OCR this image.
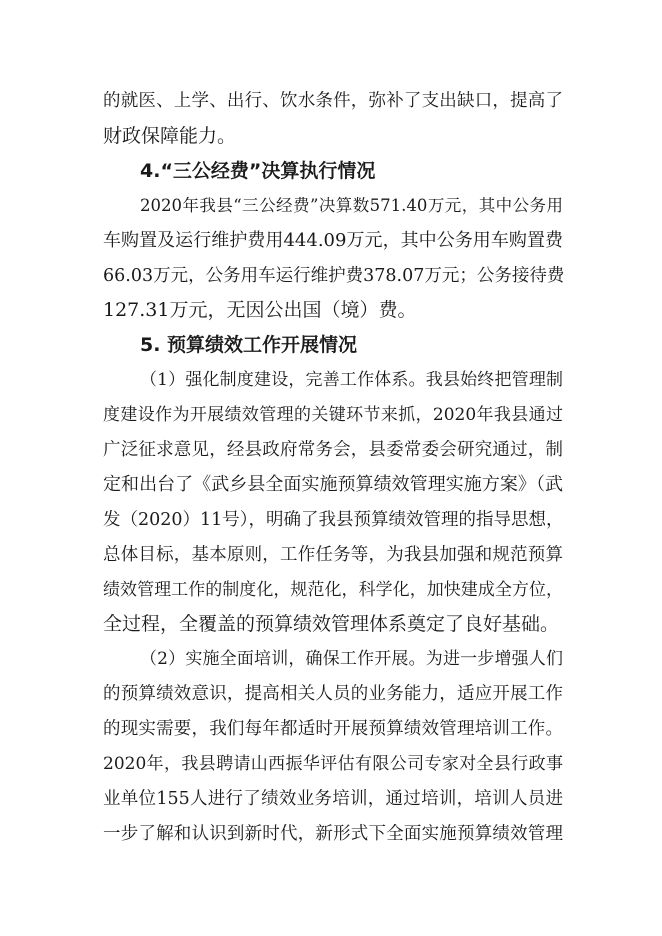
的就医、上学、出行、饮水条件，弥补了支出缺口，提高了
财政保障能力。
4.“三公经费”决算执行情况
2020年我县“三公经费”决算数571.40万元，其中公务用
车购置及运行维护费用444.09万元，其中公务用车购置费
66.03万元，公务用车运行维护费378.07万元；公务接待费
127.31万元，无因公出国（境）费。
5. 预算绩效工作开展情况
（1）强化制度建设，完善工作体系。我县始终把管理制
度建设作为开展绩效管理的关键环节来抓，2020年我县通过
广泛征求意见，经县政府常务会，县委常委会研究通过，制
定和出台了《武乡县全面实施预算绩效管理实施方案》（武
发（2020）11号），明确了我县预算绩效管理的指导思想，
总体目标，基本原则，工作任务等，为我县加强和规范预算
绩效管理工作的制度化，规范化，科学化，加快建成全方位，
全过程，全覆盖的预算绩效管理体系奠定了良好基础。
（2）实施全面培训，确保工作开展。为进一步增强人们
的预算绩效意识，提高相关人员的业务能力，适应开展工作
的现实需要，我们每年都适时开展预算绩效管理培训工作。
2020年，我县聘请山西振华评估有限公司专家对全县行政事
业单位155人进行了绩效业务培训，通过培训，培训人员进
一步了解和认识到新时代，新形式下全面实施预算绩效管理
